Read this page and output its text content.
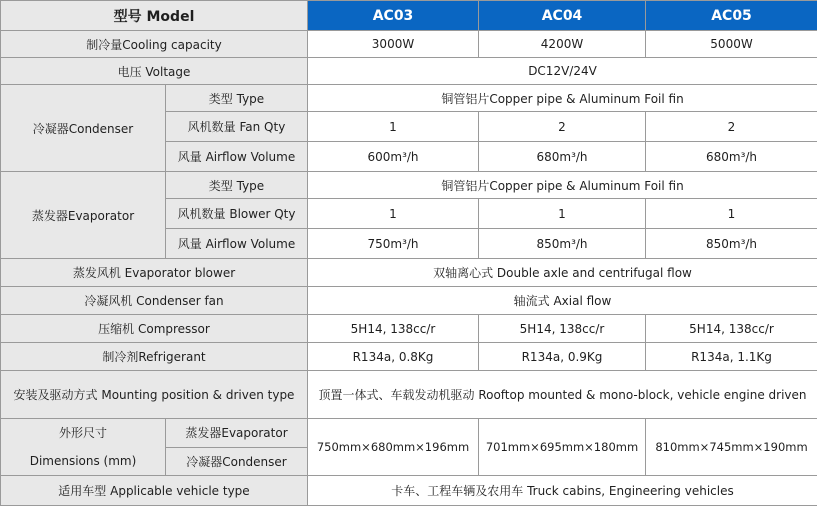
型号 Model		AC03	AC04	AC05
制冷量Cooling capacity		3000W	4200W	5000W
电压 Voltage		DC12V/24V		
冷凝器Condenser	类型 Type	铜管铝片Copper pipe & Aluminum Foil fin		
	风机数量 Fan Qty	1	2	2
	风量 Airflow Volume	600m³/h	680m³/h	680m³/h
蒸发器Evaporator	类型 Type	铜管铝片Copper pipe & Aluminum Foil fin		
	风机数量 Blower Qty	1	1	1
	风量 Airflow Volume	750m³/h	850m³/h	850m³/h
蒸发风机 Evaporator blower		双轴离心式 Double axle and centrifugal flow		
冷凝风机 Condenser fan		轴流式 Axial flow		
压缩机 Compressor		5H14, 138cc/r	5H14, 138cc/r	5H14, 138cc/r
制冷剂Refrigerant		R134a, 0.8Kg	R134a, 0.9Kg	R134a, 1.1Kg
安装及驱动方式 Mounting position & driven type		顶置一体式、车载发动机驱动 Rooftop mounted & mono-block, vehicle engine driven		

外形尺寸
Dimensions (mm)	蒸发器Evaporator	750mm×680mm×196mm	701mm×695mm×180mm	810mm×745mm×190mm
	冷凝器Condenser			
适用车型 Applicable vehicle type		卡车、工程车辆及农用车 Truck cabins, Engineering vehicles		
